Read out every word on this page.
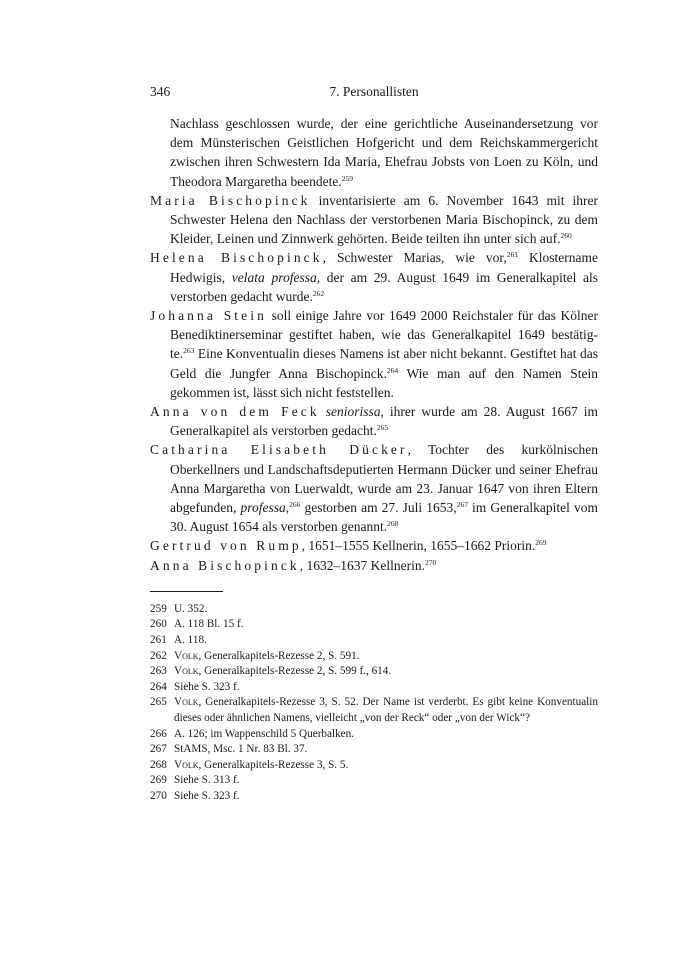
346	7. Personallisten

Nachlass geschlossen wurde, der eine gerichtliche Auseinandersetzung vor dem Münsterischen Geistlichen Hofgericht und dem Reichskammergericht zwischen ihren Schwestern Ida Maria, Ehefrau Jobsts von Loen zu Köln, und Theodora Margaretha beendete.$^{259}$

Maria Bischopinck inventarisierte am 6. November 1643 mit ihrer Schwester Helena den Nachlass der verstorbenen Maria Bischopinck, zu dem Kleider, Leinen und Zinnwerk gehörten. Beide teilten ihn unter sich auf.$^{260}$

Helena Bischopinck, Schwester Marias, wie vor,$^{261}$ Klostername Hedwigis, velata professa, der am 29. August 1649 im Generalkapitel als verstorben gedacht wurde.$^{262}$

Johanna Stein soll einige Jahre vor 1649 2000 Reichstaler für das Kölner Benediktinerseminar gestiftet haben, wie das Generalkapitel 1649 bestätig-te.$^{263}$ Eine Konventualin dieses Namens ist aber nicht bekannt. Gestiftet hat das Geld die Jungfer Anna Bischopinck.$^{264}$ Wie man auf den Namen Stein gekommen ist, lässt sich nicht feststellen.

Anna von dem Feck seniorissa, ihrer wurde am 28. August 1667 im Generalkapitel als verstorben gedacht.$^{265}$

Catharina Elisabeth Dücker, Tochter des kurkölnischen Oberkellners und Landschaftsdeputierten Hermann Dücker und seiner Ehefrau Anna Margaretha von Luerwaldt, wurde am 23. Januar 1647 von ihren Eltern abgefunden, professa,$^{266}$ gestorben am 27. Juli 1653,$^{267}$ im Generalkapitel vom 30. August 1654 als verstorben genannt.$^{268}$

Gertrud von Rump, 1651–1555 Kellnerin, 1655–1662 Priorin.$^{269}$

Anna Bischopinck, 1632–1637 Kellnerin.$^{270}$

259 U. 352.
260 A. 118 Bl. 15 f.
261 A. 118.
262 Volk, Generalkapitels-Rezesse 2, S. 591.
263 Volk, Generalkapitels-Rezesse 2, S. 599 f., 614.
264 Siehe S. 323 f.
265 Volk, Generalkapitels-Rezesse 3, S. 52. Der Name ist verderbt. Es gibt keine Konventualin dieses oder ähnlichen Namens, vielleicht „von der Reck“ oder „von der Wick“?
266 A. 126; im Wappenschild 5 Querbalken.
267 StAMS, Msc. 1 Nr. 83 Bl. 37.
268 Volk, Generalkapitels-Rezesse 3, S. 5.
269 Siehe S. 313 f.
270 Siehe S. 323 f.
